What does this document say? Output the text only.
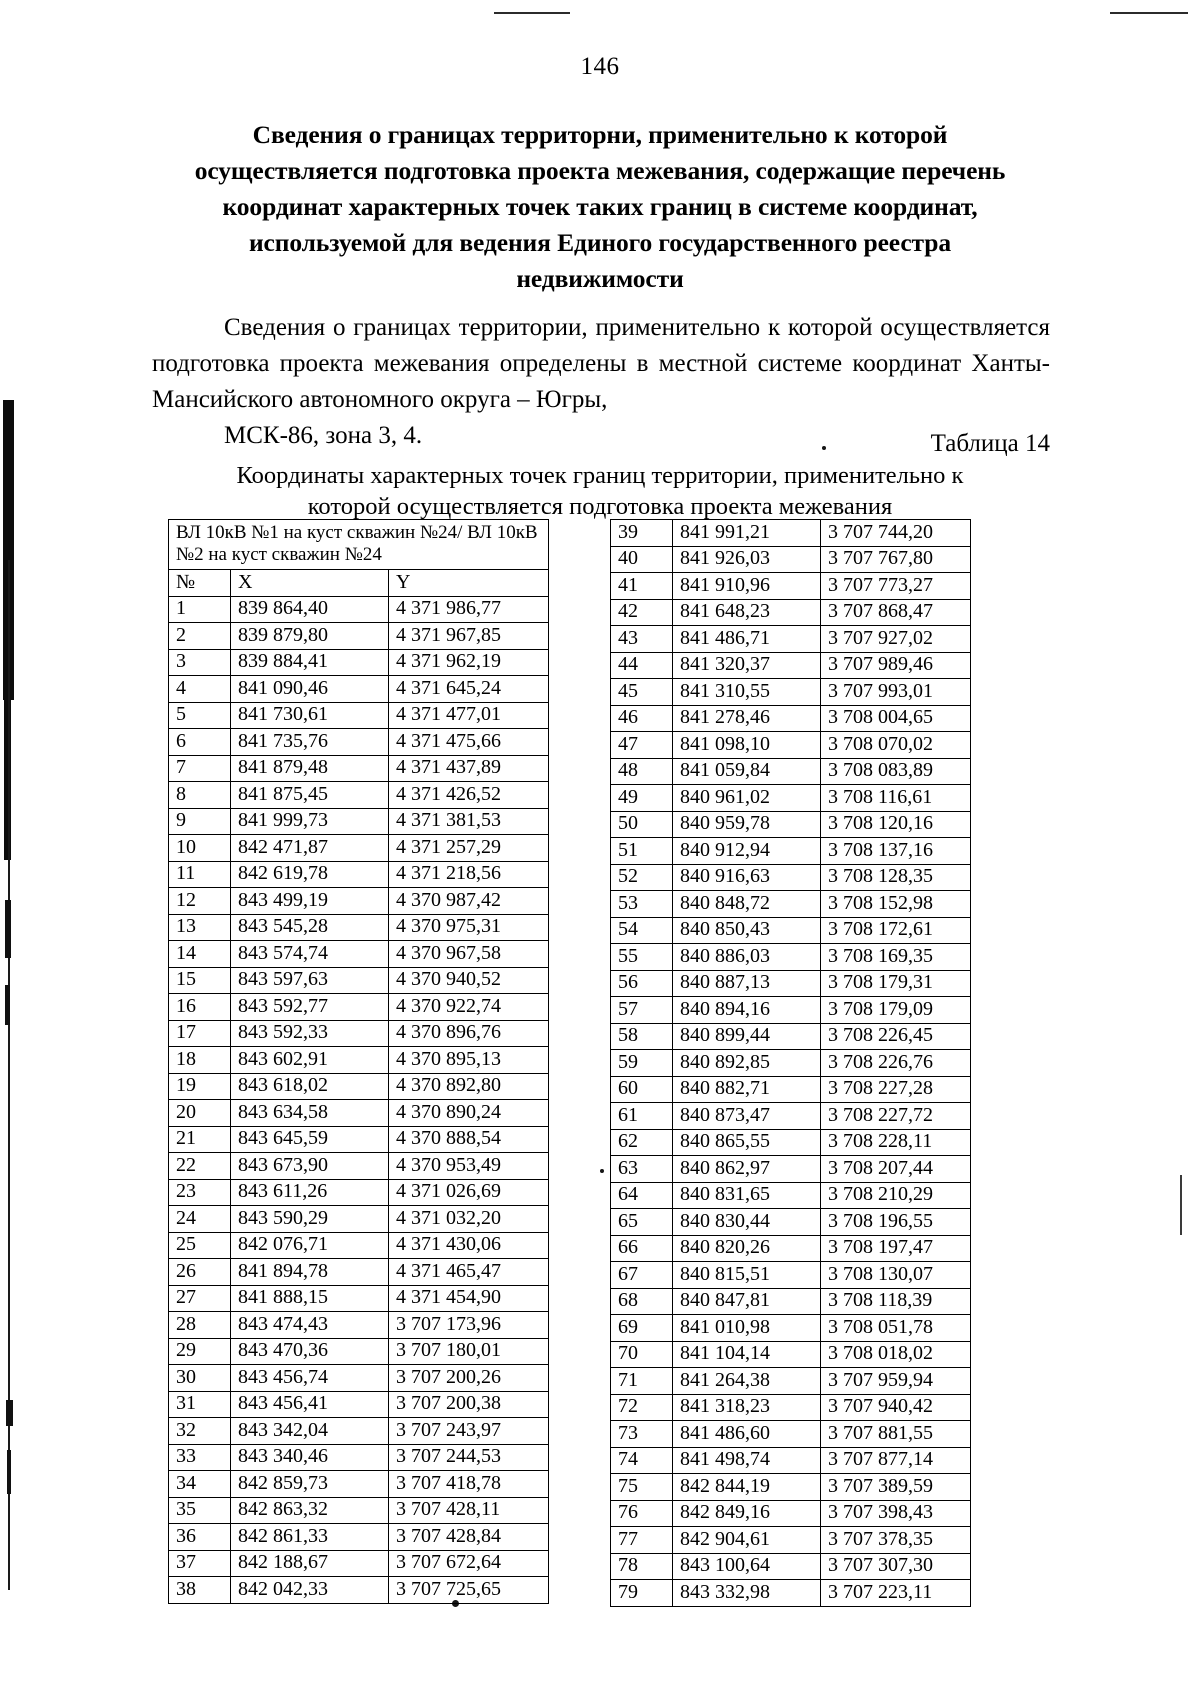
146
Сведения о границах территорни, применительно к которой
осуществляется подготовка проекта межевания, содержащие перечень
координат характерных точек таких границ в системе координат,
используемой для ведения Единого государственного реестра
недвижимости
Сведения о границах территории, применительно к которой осуществляется подготовка проекта межевания определены в местной системе координат Ханты-Мансийского автономного округа – Югры,
МСК-86, зона 3, 4.	Таблица 14
Координаты характерных точек границ территории, применительно к
которой осуществляется подготовка проекта межевания
ВЛ 10кВ №1 на куст скважин №24/ ВЛ 10кВ №2 на куст скважин №24		
№	X	Y
1	839 864,40	4 371 986,77
2	839 879,80	4 371 967,85
3	839 884,41	4 371 962,19
4	841 090,46	4 371 645,24
5	841 730,61	4 371 477,01
6	841 735,76	4 371 475,66
7	841 879,48	4 371 437,89
8	841 875,45	4 371 426,52
9	841 999,73	4 371 381,53
10	842 471,87	4 371 257,29
11	842 619,78	4 371 218,56
12	843 499,19	4 370 987,42
13	843 545,28	4 370 975,31
14	843 574,74	4 370 967,58
15	843 597,63	4 370 940,52
16	843 592,77	4 370 922,74
17	843 592,33	4 370 896,76
18	843 602,91	4 370 895,13
19	843 618,02	4 370 892,80
20	843 634,58	4 370 890,24
21	843 645,59	4 370 888,54
22	843 673,90	4 370 953,49
23	843 611,26	4 371 026,69
24	843 590,29	4 371 032,20
25	842 076,71	4 371 430,06
26	841 894,78	4 371 465,47
27	841 888,15	4 371 454,90
28	843 474,43	3 707 173,96
29	843 470,36	3 707 180,01
30	843 456,74	3 707 200,26
31	843 456,41	3 707 200,38
32	843 342,04	3 707 243,97
33	843 340,46	3 707 244,53
34	842 859,73	3 707 418,78
35	842 863,32	3 707 428,11
36	842 861,33	3 707 428,84
37	842 188,67	3 707 672,64
38	842 042,33	3 707 725,65
39	841 991,21	3 707 744,20
40	841 926,03	3 707 767,80
41	841 910,96	3 707 773,27
42	841 648,23	3 707 868,47
43	841 486,71	3 707 927,02
44	841 320,37	3 707 989,46
45	841 310,55	3 707 993,01
46	841 278,46	3 708 004,65
47	841 098,10	3 708 070,02
48	841 059,84	3 708 083,89
49	840 961,02	3 708 116,61
50	840 959,78	3 708 120,16
51	840 912,94	3 708 137,16
52	840 916,63	3 708 128,35
53	840 848,72	3 708 152,98
54	840 850,43	3 708 172,61
55	840 886,03	3 708 169,35
56	840 887,13	3 708 179,31
57	840 894,16	3 708 179,09
58	840 899,44	3 708 226,45
59	840 892,85	3 708 226,76
60	840 882,71	3 708 227,28
61	840 873,47	3 708 227,72
62	840 865,55	3 708 228,11
63	840 862,97	3 708 207,44
64	840 831,65	3 708 210,29
65	840 830,44	3 708 196,55
66	840 820,26	3 708 197,47
67	840 815,51	3 708 130,07
68	840 847,81	3 708 118,39
69	841 010,98	3 708 051,78
70	841 104,14	3 708 018,02
71	841 264,38	3 707 959,94
72	841 318,23	3 707 940,42
73	841 486,60	3 707 881,55
74	841 498,74	3 707 877,14
75	842 844,19	3 707 389,59
76	842 849,16	3 707 398,43
77	842 904,61	3 707 378,35
78	843 100,64	3 707 307,30
79	843 332,98	3 707 223,11
